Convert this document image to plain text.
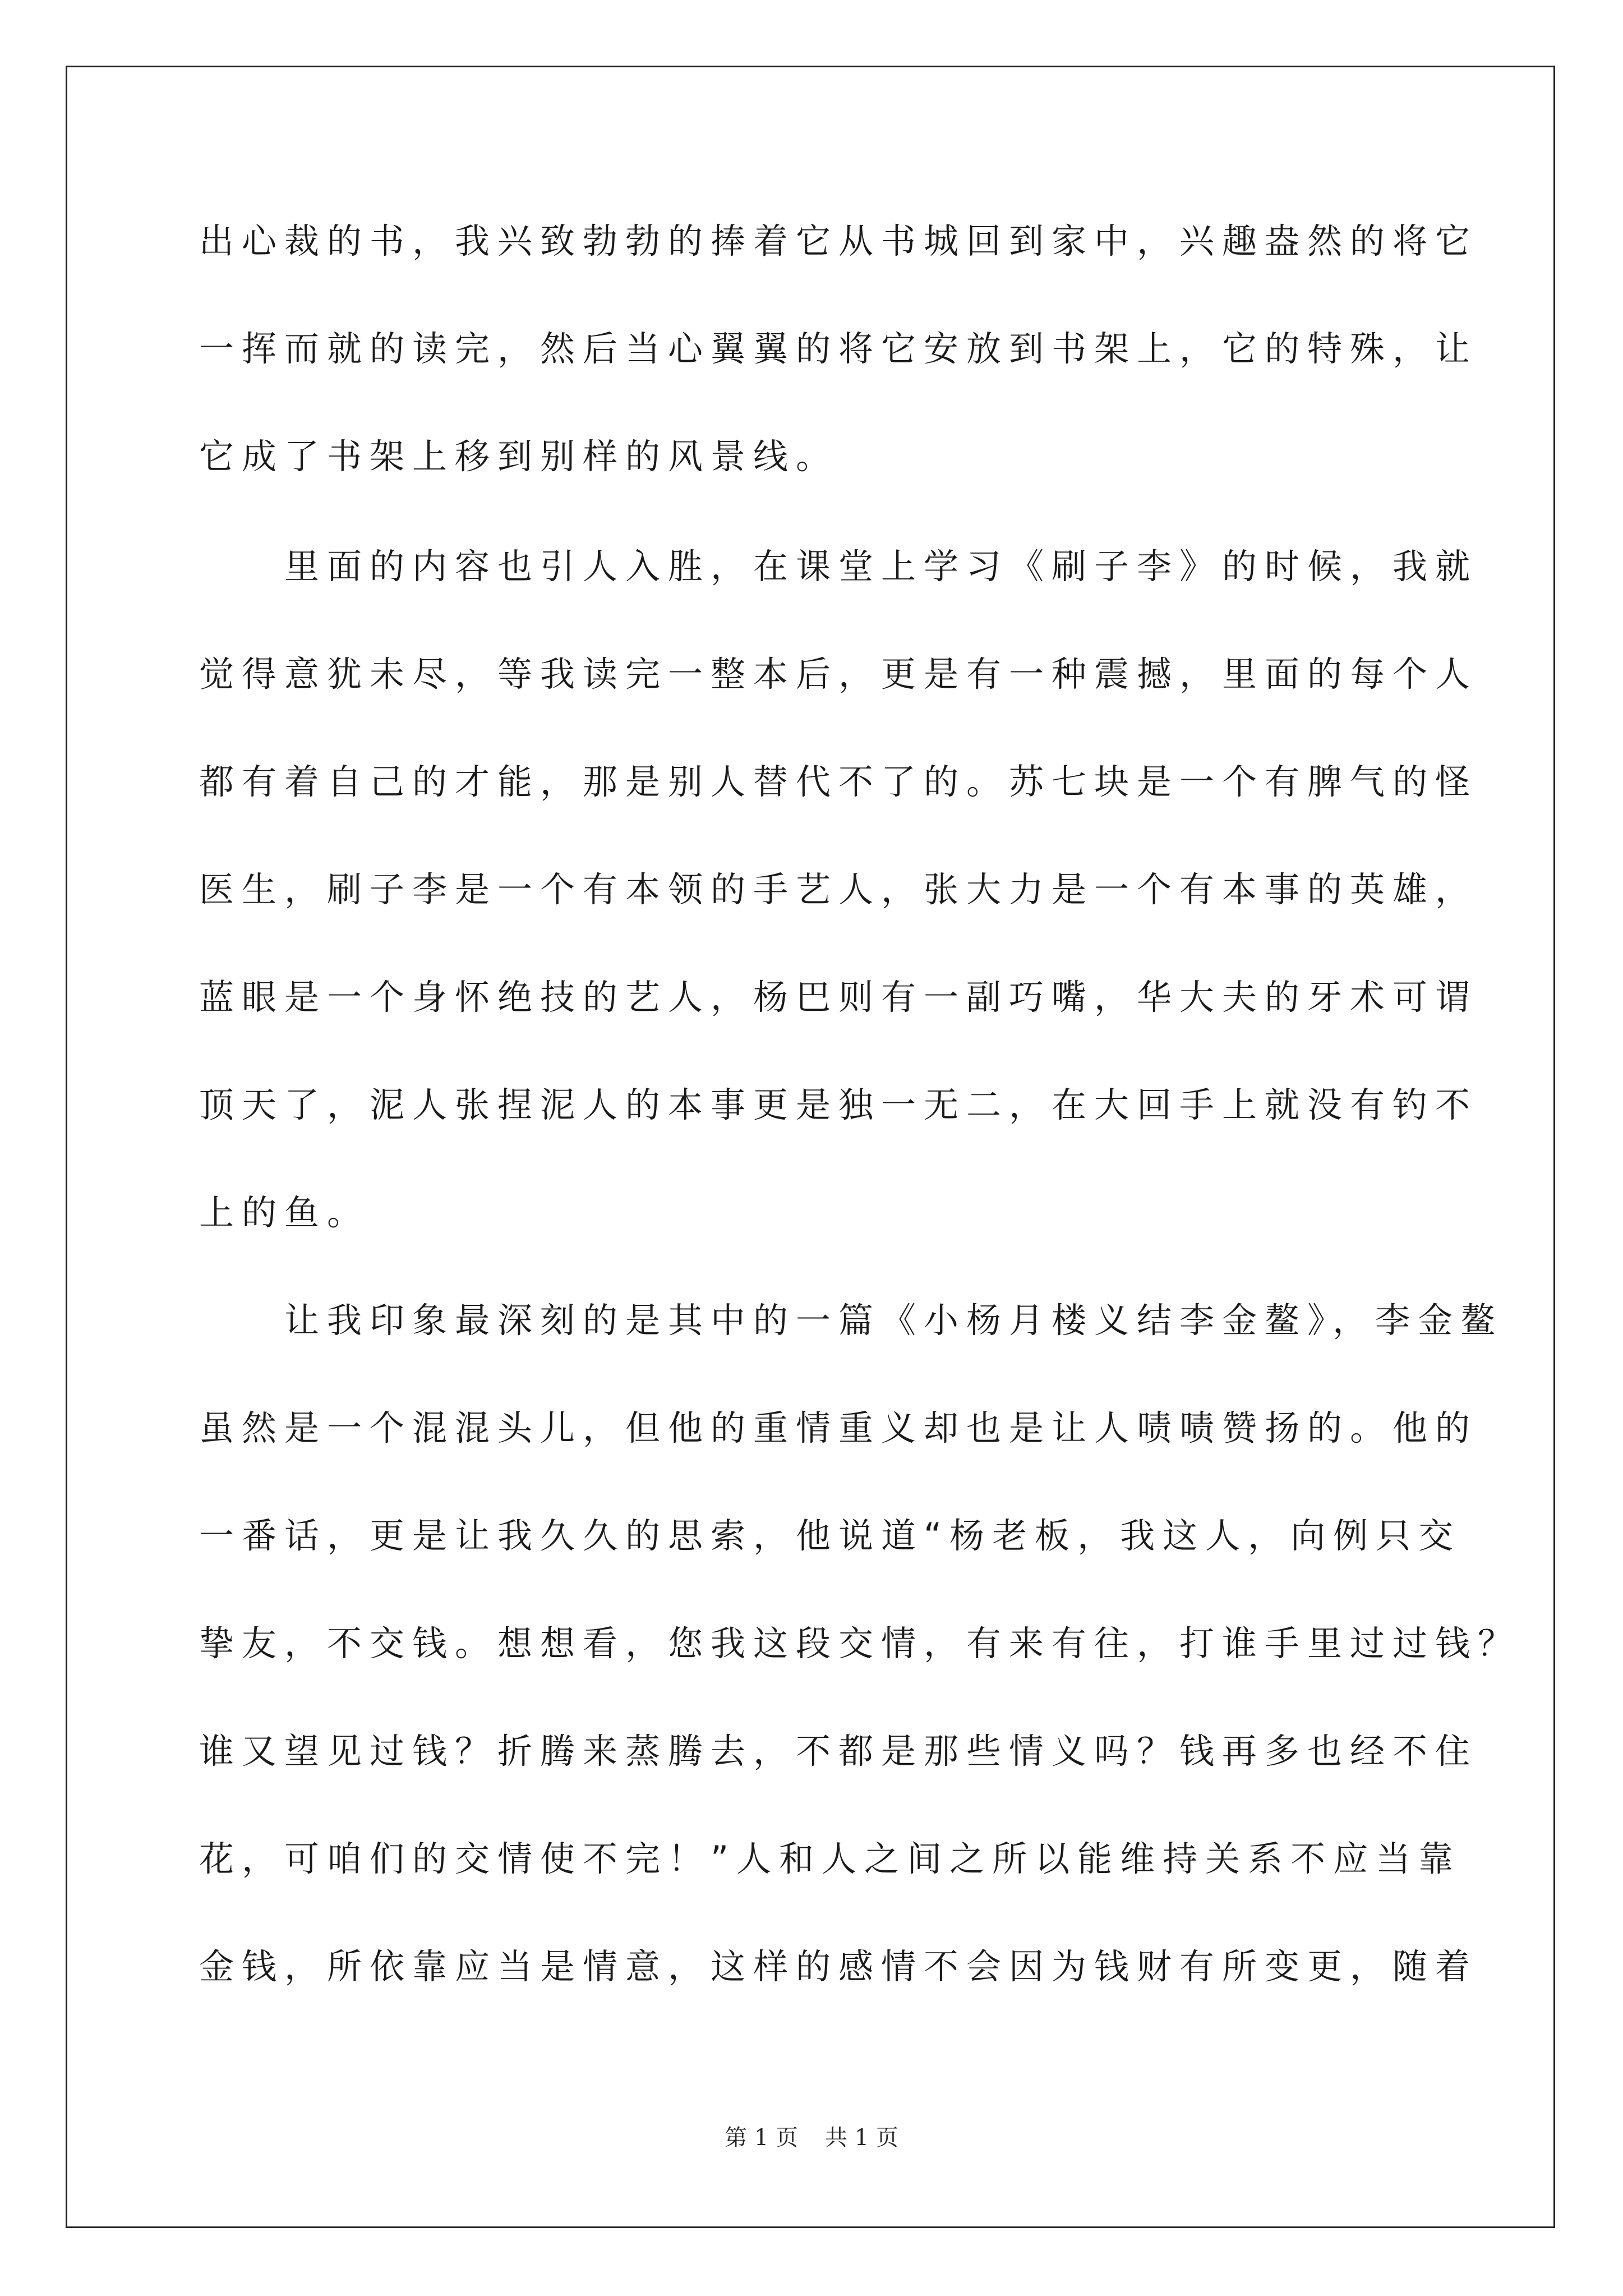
出心裁的书，我兴致勃勃的捧着它从书城回到家中，兴趣盎然的将它
一挥而就的读完，然后当心翼翼的将它安放到书架上，它的特殊，让
它成了书架上移到别样的风景线。
　　里面的内容也引人入胜，在课堂上学习《刷子李》的时候，我就
觉得意犹未尽，等我读完一整本后，更是有一种震撼，里面的每个人
都有着自己的才能，那是别人替代不了的。苏七块是一个有脾气的怪
医生，刷子李是一个有本领的手艺人，张大力是一个有本事的英雄，
蓝眼是一个身怀绝技的艺人，杨巴则有一副巧嘴，华大夫的牙术可谓
顶天了，泥人张捏泥人的本事更是独一无二，在大回手上就没有钓不
上的鱼。
　　让我印象最深刻的是其中的一篇《小杨月楼义结李金鳌》，李金鳌
虽然是一个混混头儿，但他的重情重义却也是让人啧啧赞扬的。他的
一番话，更是让我久久的思索，他说道“杨老板，我这人，向例只交
挚友，不交钱。想想看，您我这段交情，有来有往，打谁手里过过钱？
谁又望见过钱？折腾来蒸腾去，不都是那些情义吗？钱再多也经不住
花，可咱们的交情使不完！”人和人之间之所以能维持关系不应当靠
金钱，所依靠应当是情意，这样的感情不会因为钱财有所变更，随着
第 1 页 共 1 页
